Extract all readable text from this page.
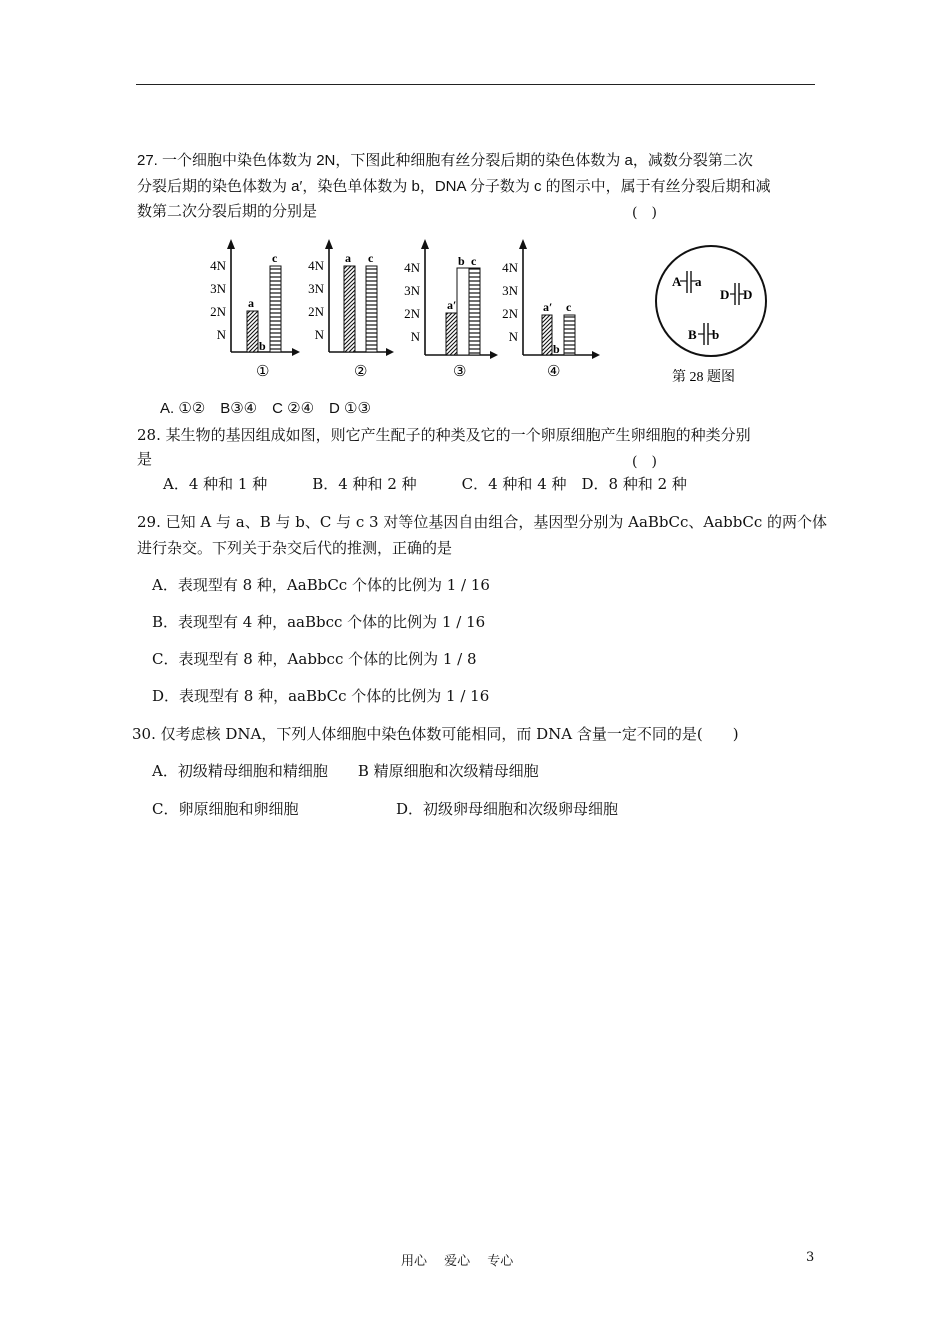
27. 一个细胞中染色体数为 2N，下图此种细胞有丝分裂后期的染色体数为 a，减数分裂第二次
分裂后期的染色体数为 a′，染色单体数为 b，DNA 分子数为 c 的图示中，属于有丝分裂后期和减
数第二次分裂后期的分别是	(　)
4N
3N
2N
N
a
b
c
①
4N
3N
2N
N
a c
②
4N
3N
2N
N
a′
b c
③
4N
3N
2N
N
a′
b
c
④
A a
D D
B b
第 28 题图
A. ①②　B③④　C ②④　D ①③
28. 某生物的基因组成如图，则它产生配子的种类及它的一个卵原细胞产生卵细胞的种类分别
是	(　)
A．4 种和 1 种　　　B．4 种和 2 种　　　C．4 种和 4 种　D．8 种和 2 种
29. 已知 A 与 a、B 与 b、C 与 c 3 对等位基因自由组合，基因型分别为 AaBbCc、AabbCc 的两个体
进行杂交。下列关于杂交后代的推测，正确的是
A．表现型有 8 种，AaBbCc 个体的比例为 1 / 16
B．表现型有 4 种，aaBbcc 个体的比例为 1 / 16
C．表现型有 8 种，Aabbcc 个体的比例为 1 / 8
D．表现型有 8 种，aaBbCc 个体的比例为 1 / 16
30. 仅考虑核 DNA，下列人体细胞中染色体数可能相同，而 DNA 含量一定不同的是(　　)
A．初级精母细胞和精细胞　　B 精原细胞和次级精母细胞
C．卵原细胞和卵细胞	D．初级卵母细胞和次级卵母细胞
用心　 爱心　 专心	3
